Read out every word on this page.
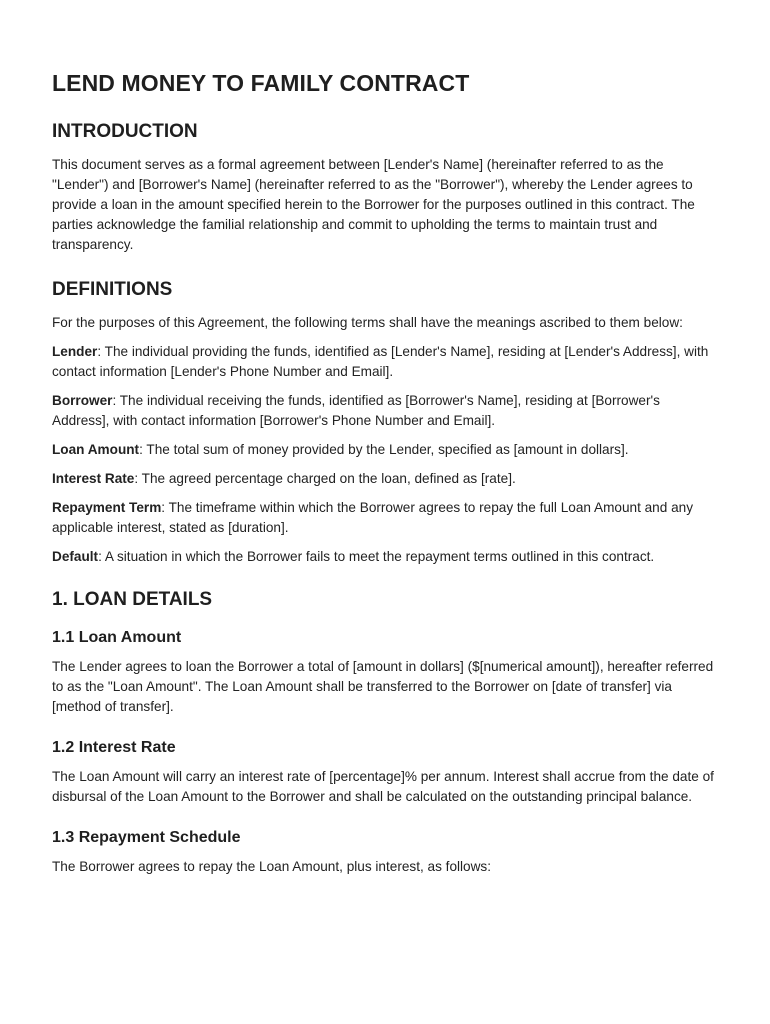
LEND MONEY TO FAMILY CONTRACT
INTRODUCTION

This document serves as a formal agreement between [Lender's Name] (hereinafter referred to as the "Lender") and [Borrower's Name] (hereinafter referred to as the "Borrower"), whereby the Lender agrees to provide a loan in the amount specified herein to the Borrower for the purposes outlined in this contract. The parties acknowledge the familial relationship and commit to upholding the terms to maintain trust and transparency.

DEFINITIONS

For the purposes of this Agreement, the following terms shall have the meanings ascribed to them below:

Lender: The individual providing the funds, identified as [Lender's Name], residing at [Lender's Address], with contact information [Lender's Phone Number and Email].

Borrower: The individual receiving the funds, identified as [Borrower's Name], residing at [Borrower's Address], with contact information [Borrower's Phone Number and Email].

Loan Amount: The total sum of money provided by the Lender, specified as [amount in dollars].

Interest Rate: The agreed percentage charged on the loan, defined as [rate].

Repayment Term: The timeframe within which the Borrower agrees to repay the full Loan Amount and any applicable interest, stated as [duration].

Default: A situation in which the Borrower fails to meet the repayment terms outlined in this contract.

1. LOAN DETAILS
1.1 Loan Amount

The Lender agrees to loan the Borrower a total of [amount in dollars] ($[numerical amount]), hereafter referred to as the "Loan Amount". The Loan Amount shall be transferred to the Borrower on [date of transfer] via [method of transfer].

1.2 Interest Rate

The Loan Amount will carry an interest rate of [percentage]% per annum. Interest shall accrue from the date of disbursal of the Loan Amount to the Borrower and shall be calculated on the outstanding principal balance.

1.3 Repayment Schedule

The Borrower agrees to repay the Loan Amount, plus interest, as follows:
